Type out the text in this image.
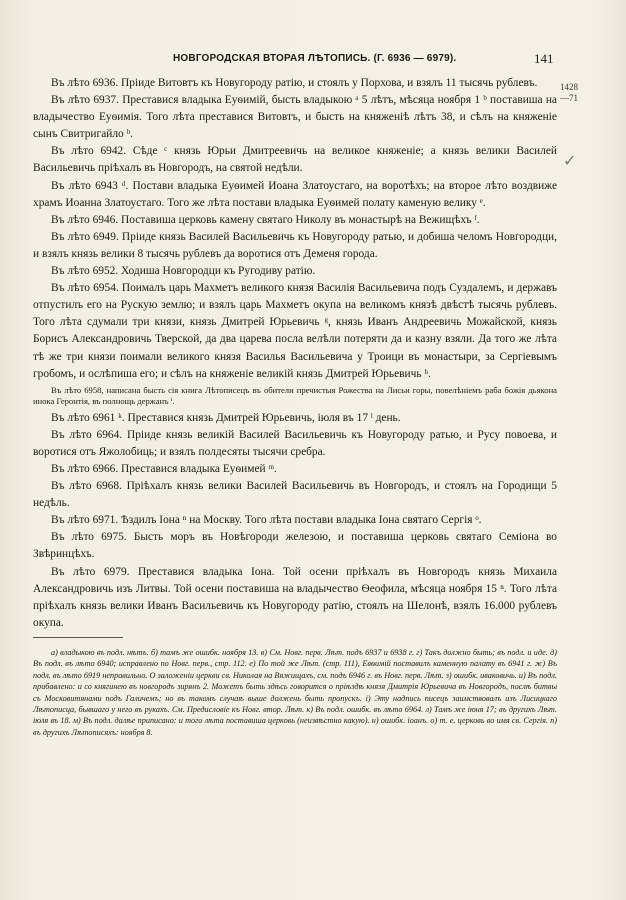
НОВГОРОДСКАЯ ВТОРАЯ ЛѢТОПИСЬ. (Г. 6936 — 6979).	141
1428
—71
✓

Въ лѣто 6936. Прiиде Витовтъ къ Новугороду ратiю, и стоялъ у Порхова, и взялъ 11 тысячь рублевъ.

Въ лѣто 6937. Преставися владыка Еуѳимiй, бысть владыкою ᵃ 5 лѣтъ, мѣсяца ноября 1 ᵇ поставиша на владычество Еуѳимiя. Того лѣта преставися Витовтъ, и бысть на княженiѣ лѣтъ 38, и сѣлъ на княженiе сынъ Свитригайло ᵇ.

Въ лѣто 6942. Сѣде ᶜ князь Юрьи Дмитреевичь на великое княженiе; а князь велики Василей Васильевичь прiѣхалъ въ Новгородъ, на святой недѣли.

Въ лѣто 6943 ᵈ. Постави владыка Еуѳимей Иоана Златоустаго, на воротѣхъ; на второе лѣто воздвиже храмъ Иоанна Златоустаго. Того же лѣта постави владыка Еуѳимей полату каменую велику ᵉ.

Въ лѣто 6946. Поставиша церковь камену святаго Николу въ монастырѣ на Вежищѣхъ ᶠ.

Въ лѣто 6949. Прiиде князь Василей Васильевичь къ Новугороду ратью, и добиша челомъ Новгородци, и взялъ князь велики 8 тысячь рублевъ да воротися отъ Деменя города.

Въ лѣто 6952. Ходиша Новгородци къ Ругодиву ратiю.

Въ лѣто 6954. Поималъ царь Махметъ великого князя Василiя Васильевича подъ Суздалемъ, и державъ отпустилъ его на Рускую землю; и взялъ царь Махметъ окупа на великомъ князѣ двѣстѣ тысячь рублевъ. Того лѣта сдумали три князи, князь Дмитрей Юрьевичь ᵍ, князь Иванъ Андреевичь Можайской, князь Борисъ Александровичь Тверской, да два царева посла велѣли потеряти да и казну взяли. Да того же лѣта тѣ же три князи поимали великого князя Василья Васильевича у Троици въ монастыри, за Сергiевымъ гробомъ, и ослѣпиша его; и сѣлъ на княженiе великiй князь Дмитрей Юрьевичь ʰ.

Въ лѣто 6958, написана бысть сiя книга Лѣтописецъ въ обители пречистыя Рожества на Лисьи горы, повелѣнiемъ раба божiя дьякона инока Геронтiя, въ полнощь держанъ ⁱ.

Въ лѣто 6961 ᵏ. Преставися князь Дмитрей Юрьевичь, iюля въ 17 ˡ день.

Въ лѣто 6964. Прiиде князь великiй Василей Васильевичь къ Новугороду ратью, и Русу повоева, и воротися отъ Яжолобиць; и взялъ полдесяты тысячи сребра.

Въ лѣто 6966. Преставися владыка Еуѳимей ᵐ.

Въ лѣто 6968. Прiѣхалъ князь велики Василей Васильевичь въ Новгородъ, и стоялъ на Городищи 5 недѣль.

Въ лѣто 6971. Ѣздилъ Iона ⁿ на Москву. Того лѣта постави владыка Iона святаго Сергiя ᵒ.

Въ лѣто 6975. Бысть моръ въ Новѣгороди железою, и поставиша церковь святаго Семiона во Звѣринцѣхъ.

Въ лѣто 6979. Преставися владыка Iона. Той осени прiѣхалъ въ Новгородъ князь Михаила Александровичь изъ Литвы. Той осени поставиша на владычество Ѳеофила, мѣсяца ноября 15 ⁿ. Того лѣта прiѣхалъ князь велики Иванъ Васильевичь къ Новугороду ратiю, стоялъ на Шелонѣ, взялъ 16.000 рублевъ окупа.

а) владыкою въ подл. нѣтъ. б) тамъ же ошибк. ноября 13. в) См. Новг. перв. Лѣт. подъ 6937 и 6938 г. г) Такъ должно быть; въ подл. и иде. д) Въ подл. въ лѣто 6940; исправлено по Новг. перв., стр. 112. е) По той же Лѣт. (стр. 111), Евѳимiй поставилъ каменную палату въ 6941 г. ж) Въ подл. въ лѣто 6919 неправильно. О заложенiи церкви св. Николая на Вяжищахъ, см. подъ 6946 г. въ Новг. перв. Лѣт. з) ошибк. иваковичь. и) Въ подл. прибавлено: и со княгинею въ новгородъ зирянъ 2. Можетъ быть здѣсь говорится о прiѣздѣ князя Дмитрiя Юрьевича въ Новгородъ, послѣ битвы съ Московитянами подъ Галичемъ; но въ такомъ случаѣ выше должень быть пропускъ. i) Эту надпись писецъ заимствовалъ изъ Лисицкаго Лѣтописца, бывшаго у него въ рукахъ. См. Предисловiе къ Новг. втор. Лѣт. к) Въ подл. ошибк. въ лѣто 6964. л) Тамъ же iюня 17; въ другихъ Лѣт. iюля въ 18. м) Въ подл. далѣе приписано: и того лѣта поставиша церковь (неизвѣстно какую). н) ошибк. iоанъ. о) т. е. церковь во имя св. Сергiя. п) въ другихъ Лѣтописяхъ: ноября 8.
